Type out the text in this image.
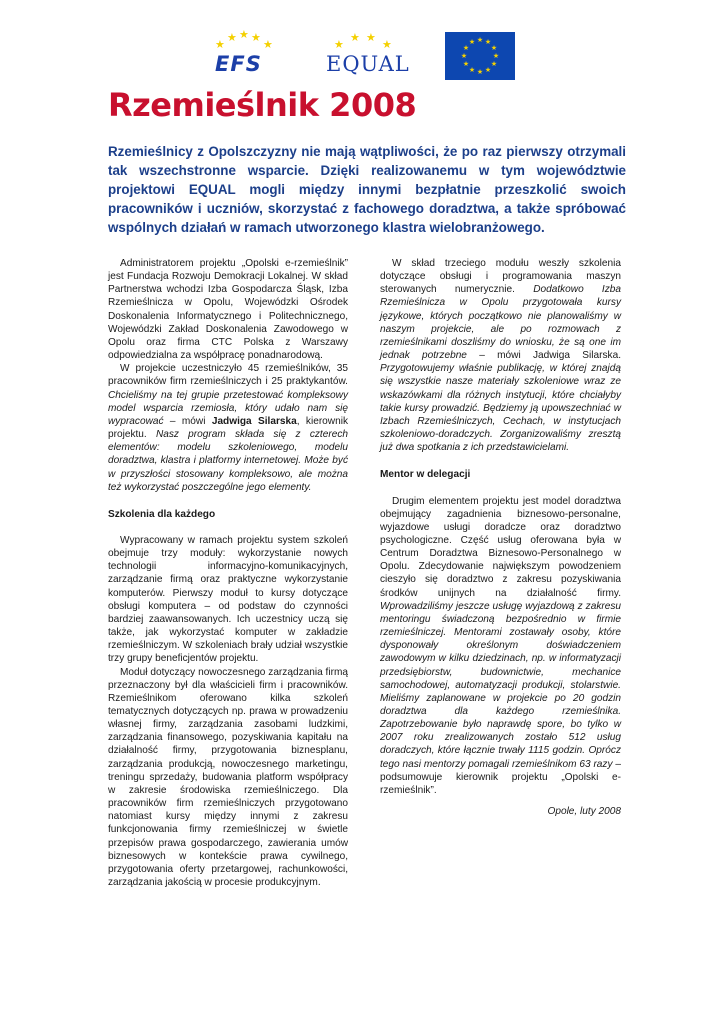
★
★ ★ ★
★
EFS
★
★ ★
★
EQUAL
★ ★
★
★
★
★
★
★
★
★
★
★
Rzemieślnik 2008

Rzemieślnicy z Opolszczyzny nie mają wątpliwości, że po raz pierwszy otrzymali tak wszechstronne wsparcie. Dzięki realizowanemu w tym województwie projektowi EQUAL mogli między innymi bezpłatnie przeszkolić swoich pracowników i uczniów, skorzystać z fachowego doradztwa, a także spróbować wspólnych działań w ramach utworzonego klastra wielobranżowego.

Administratorem projektu „Opolski e-rzemieślnik” jest Fundacja Rozwoju Demokracji Lokalnej. W skład Partnerstwa wchodzi Izba Gospodarcza Śląsk, Izba Rzemieślnicza w Opolu, Wojewódzki Ośrodek Doskonalenia Informatycznego i Politechnicznego, Wojewódzki Zakład Doskonalenia Zawodowego w Opolu oraz firma CTC Polska z Warszawy odpowiedzialna za współpracę ponadnarodową.

W projekcie uczestniczyło 45 rzemieślników, 35 pracowników firm rzemieślniczych i 25 praktykantów. Chcieliśmy na tej grupie przetestować kompleksowy model wsparcia rzemiosła, który udało nam się wypracować – mówi Jadwiga Silarska, kierownik projektu. Nasz program składa się z czterech elementów: modelu szkoleniowego, modelu doradztwa, klastra i platformy internetowej. Może być w przyszłości stosowany kompleksowo, ale można też wykorzystać poszczególne jego elementy.

Szkolenia dla każdego

Wypracowany w ramach projektu system szkoleń obejmuje trzy moduły: wykorzystanie nowych technologii informacyjno-komunikacyjnych, zarządzanie firmą oraz praktyczne wykorzystanie komputerów. Pierwszy moduł to kursy dotyczące obsługi komputera – od podstaw do czynności bardziej zaawansowanych. Ich uczestnicy uczą się także, jak wykorzystać komputer w zakładzie rzemieślniczym. W szkoleniach brały udział wszystkie trzy grupy beneficjentów projektu.

Moduł dotyczący nowoczesnego zarządzania firmą przeznaczony był dla właścicieli firm i pracowników. Rzemieślnikom oferowano kilka szkoleń tematycznych dotyczących np. prawa w prowadzeniu własnej firmy, zarządzania zasobami ludzkimi, zarządzania finansowego, pozyskiwania kapitału na działalność firmy, przygotowania biznesplanu, zarządzania produkcją, nowoczesnego marketingu, treningu sprzedaży, budowania platform współpracy w zakresie środowiska rzemieślniczego. Dla pracowników firm rzemieślniczych przygotowano natomiast kursy między innymi z zakresu funkcjonowania firmy rzemieślniczej w świetle przepisów prawa gospodarczego, zawierania umów biznesowych w kontekście prawa cywilnego, przygotowania oferty przetargowej, rachunkowości, zarządzania jakością w procesie produkcyjnym.

W skład trzeciego modułu weszły szkolenia dotyczące obsługi i programowania maszyn sterowanych numerycznie. Dodatkowo Izba Rzemieślnicza w Opolu przygotowała kursy językowe, których początkowo nie planowaliśmy w naszym projekcie, ale po rozmowach z rzemieślnikami doszliśmy do wniosku, że są one im jednak potrzebne – mówi Jadwiga Silarska. Przygotowujemy właśnie publikację, w której znajdą się wszystkie nasze materiały szkoleniowe wraz ze wskazówkami dla różnych instytucji, które chciałyby takie kursy prowadzić. Będziemy ją upowszechniać w Izbach Rzemieślniczych, Cechach, w instytucjach szkoleniowo-doradczych. Zorganizowaliśmy zresztą już dwa spotkania z ich przedstawicielami.

Mentor w delegacji

Drugim elementem projektu jest model doradztwa obejmujący zagadnienia biznesowo-personalne, wyjazdowe usługi doradcze oraz doradztwo psychologiczne. Część usług oferowana była w Centrum Doradztwa Biznesowo-Personalnego w Opolu. Zdecydowanie największym powodzeniem cieszyło się doradztwo z zakresu pozyskiwania środków unijnych na działalność firmy. Wprowadziliśmy jeszcze usługę wyjazdową z zakresu mentoringu świadczoną bezpośrednio w firmie rzemieślniczej. Mentorami zostawały osoby, które dysponowały określonym doświadczeniem zawodowym w kilku dziedzinach, np. w informatyzacji przedsiębiorstw, budownictwie, mechanice samochodowej, automatyzacji produkcji, stolarstwie. Mieliśmy zaplanowane w projekcie po 20 godzin doradztwa dla każdego rzemieślnika. Zapotrzebowanie było naprawdę spore, bo tylko w 2007 roku zrealizowanych zostało 512 usług doradczych, które łącznie trwały 1115 godzin. Oprócz tego nasi mentorzy pomagali rzemieślnikom 63 razy – podsumowuje kierownik projektu „Opolski e-rzemieślnik”.

Opole, luty 2008
